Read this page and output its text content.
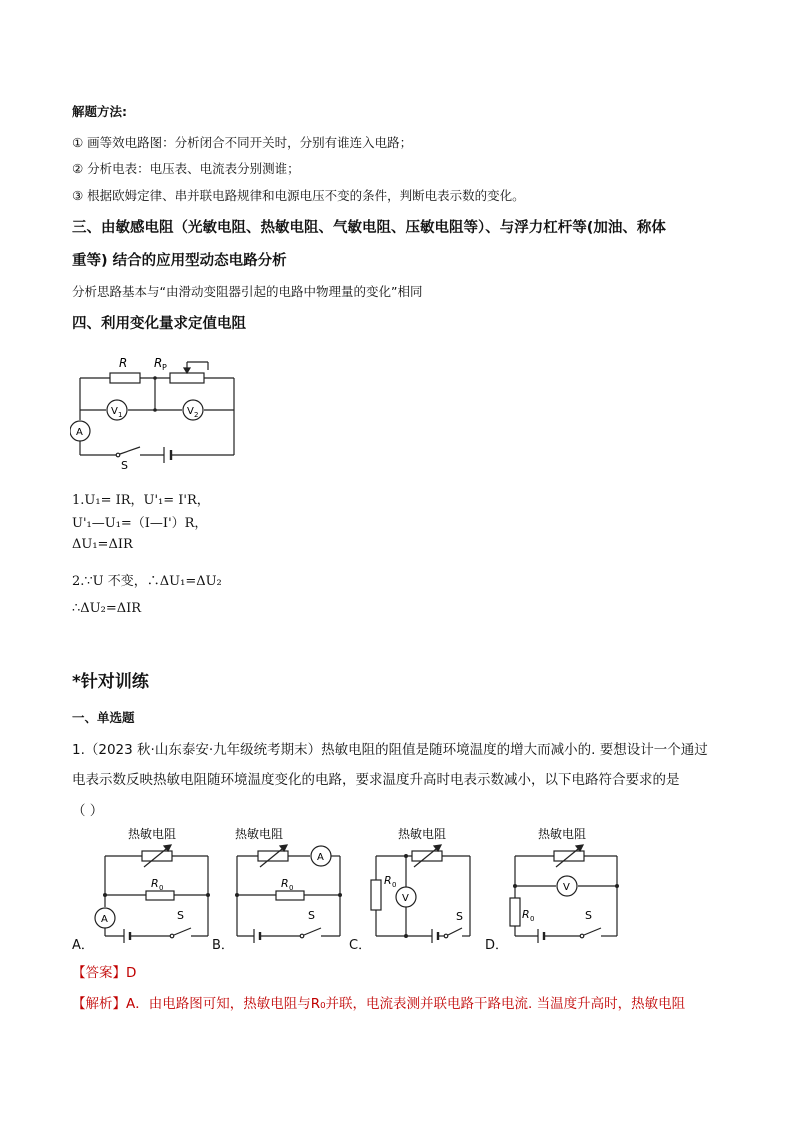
解题方法:
① 画等效电路图：分析闭合不同开关时，分别有谁连入电路；
② 分析电表：电压表、电流表分别测谁；
③ 根据欧姆定律、串并联电路规律和电源电压不变的条件，判断电表示数的变化。
三、由敏感电阻（光敏电阻、热敏电阻、气敏电阻、压敏电阻等）、与浮力杠杆等(加油、称体
重等) 结合的应用型动态电路分析
分析思路基本与“由滑动变阻器引起的电路中物理量的变化”相同
四、利用变化量求定值电阻
R R P
V 1	V 2
A
S
1.U₁= IR，U'₁= I'R，
U'₁—U₁=（I—I'）R，
ΔU₁=ΔIR
2.∵U 不变，∴ΔU₁=ΔU₂
∴ΔU₂=ΔIR
*针对训练
一、单选题
1.（2023 秋·山东泰安·九年级统考期末）热敏电阻的阻值是随环境温度的增大而减小的. 要想设计一个通过
电表示数反映热敏电阻随环境温度变化的电路，要求温度升高时电表示数减小，以下电路符合要求的是
（ ）
A．
热敏电阻
R 0
A	S
B．
热敏电阻
A
R 0
S
C．
热敏电阻
R 0
V
S
D．
热敏电阻
V
R 0	S
【答案】D
【解析】A．由电路图可知，热敏电阻与R₀并联，电流表测并联电路干路电流. 当温度升高时，热敏电阻
